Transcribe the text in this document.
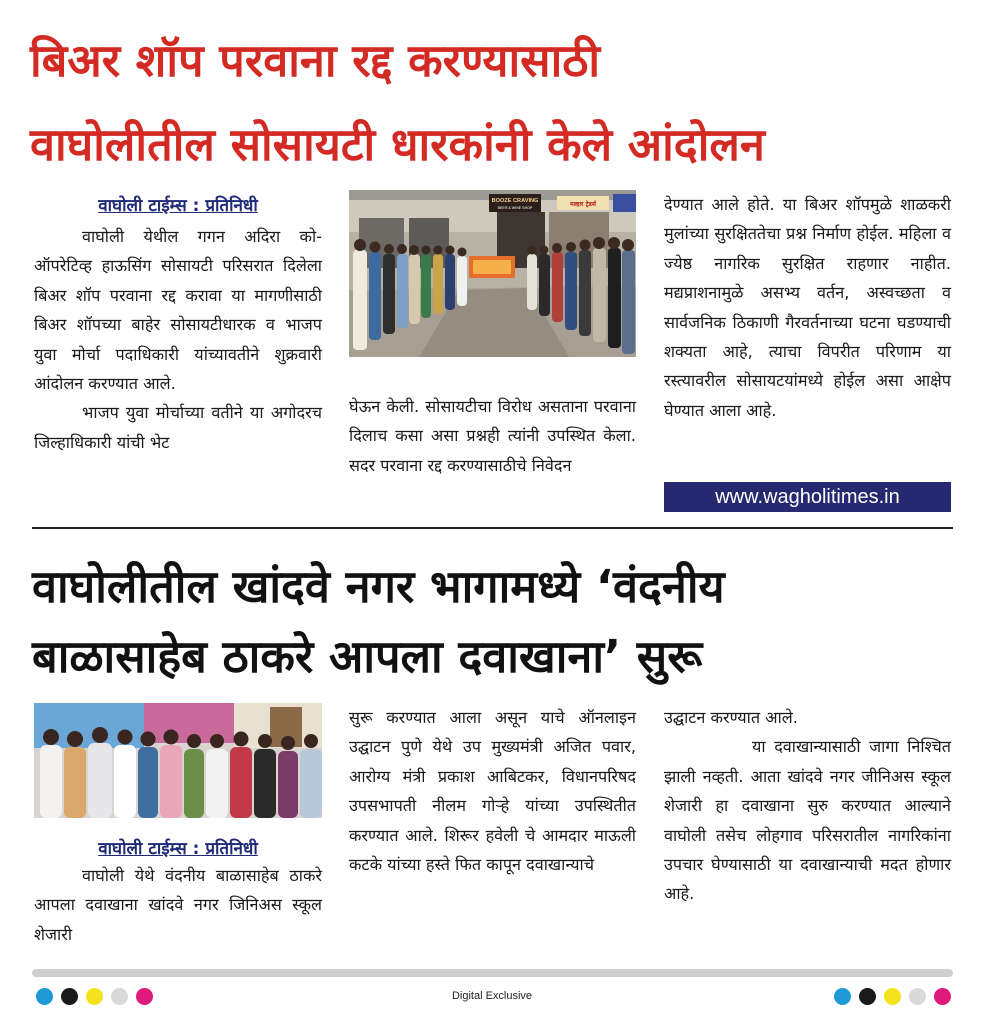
बिअर शॉप परवाना रद्द करण्यासाठी
वाघोलीतील सोसायटी धारकांनी केले आंदोलन
वाघोली टाईम्स : प्रतिनिधी

वाघोली येथील गगन अदिरा को-ऑपरेटिव्ह हाऊसिंग सोसायटी परिसरात दिलेला बिअर शॉप परवाना रद्द करावा या मागणीसाठी बिअर शॉपच्या बाहेर सोसायटीधारक व भाजप युवा मोर्चा पदाधिकारी यांच्यावतीने शुक्रवारी आंदोलन करण्यात आले.

भाजप युवा मोर्चाच्या वतीने या अगोदरच जिल्हाधिकारी यांची भेट

BOOZE CRAVING
BEER & WINE SHOP	मल्हार ट्रेडर्स

घेऊन केली. सोसायटीचा विरोध असताना परवाना दिलाच कसा असा प्रश्नही त्यांनी उपस्थित केला. सदर परवाना रद्द करण्यासाठीचे निवेदन

देण्यात आले होते. या बिअर शॉपमुळे शाळकरी मुलांच्या सुरक्षिततेचा प्रश्न निर्माण होईल. महिला व ज्येष्ठ नागरिक सुरक्षित राहणार नाहीत. मद्यप्राशनामुळे असभ्य वर्तन, अस्वच्छता व सार्वजनिक ठिकाणी गैरवर्तनाच्या घटना घडण्याची शक्यता आहे, त्याचा विपरीत परिणाम या रस्त्यावरील सोसायटयांमध्ये होईल असा आक्षेप घेण्यात आला आहे.

www.wagholitimes.in
वाघोलीतील खांदवे नगर भागामध्ये ‘वंदनीय
बाळासाहेब ठाकरे आपला दवाखाना’ सुरू
वाघोली टाईम्स : प्रतिनिधी

वाघोली येथे वंदनीय बाळासाहेब ठाकरे आपला दवाखाना खांदवे नगर जिनिअस स्कूल शेजारी

सुरू करण्यात आला असून याचे ऑनलाइन उद्घाटन पुणे येथे उप मुख्यमंत्री अजित पवार, आरोग्य मंत्री प्रकाश आबिटकर, विधानपरिषद उपसभापती नीलम गोऱ्हे यांच्या उपस्थितीत करण्यात आले. शिरूर हवेली चे आमदार माऊली कटके यांच्या हस्ते फित कापून दवाखान्याचे

उद्घाटन करण्यात आले.

या दवाखान्यासाठी जागा निश्चित झाली नव्हती. आता खांदवे नगर जीनिअस स्कूल शेजारी हा दवाखाना सुरु करण्यात आल्याने वाघोली तसेच लोहगाव परिसरातील नागरिकांना उपचार घेण्यासाठी या दवाखान्याची मदत होणार आहे.

Digital Exclusive
